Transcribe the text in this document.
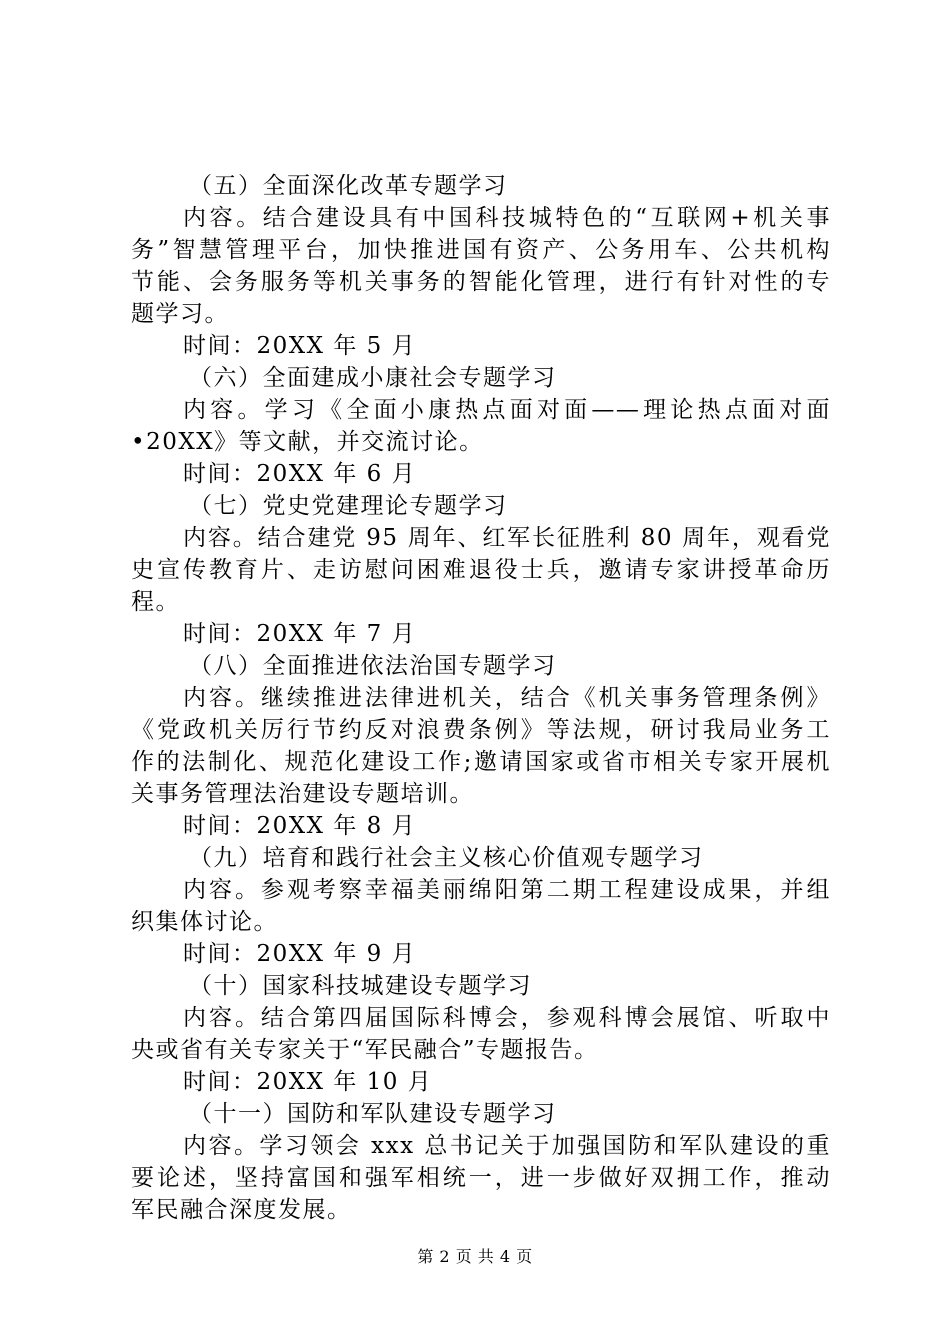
（五）全面深化改革专题学习
内容。结合建设具有中国科技城特色的“互联网+机关事
务”智慧管理平台，加快推进国有资产、公务用车、公共机构
节能、会务服务等机关事务的智能化管理，进行有针对性的专
题学习。
时间：20XX 年 5 月
（六）全面建成小康社会专题学习
内容。学习《全面小康热点面对面——理论热点面对面
•20XX》等文献，并交流讨论。
时间：20XX 年 6 月
（七）党史党建理论专题学习
内容。结合建党 95 周年、红军长征胜利 80 周年，观看党
史宣传教育片、走访慰问困难退役士兵，邀请专家讲授革命历
程。
时间：20XX 年 7 月
（八）全面推进依法治国专题学习
内容。继续推进法律进机关，结合《机关事务管理条例》
《党政机关厉行节约反对浪费条例》等法规，研讨我局业务工
作的法制化、规范化建设工作;邀请国家或省市相关专家开展机
关事务管理法治建设专题培训。
时间：20XX 年 8 月
（九）培育和践行社会主义核心价值观专题学习
内容。参观考察幸福美丽绵阳第二期工程建设成果，并组
织集体讨论。
时间：20XX 年 9 月
（十）国家科技城建设专题学习
内容。结合第四届国际科博会，参观科博会展馆、听取中
央或省有关专家关于“军民融合”专题报告。
时间：20XX 年 10 月
（十一）国防和军队建设专题学习
内容。学习领会 xxx 总书记关于加强国防和军队建设的重
要论述，坚持富国和强军相统一，进一步做好双拥工作，推动
军民融合深度发展。
第 2 页 共 4 页
